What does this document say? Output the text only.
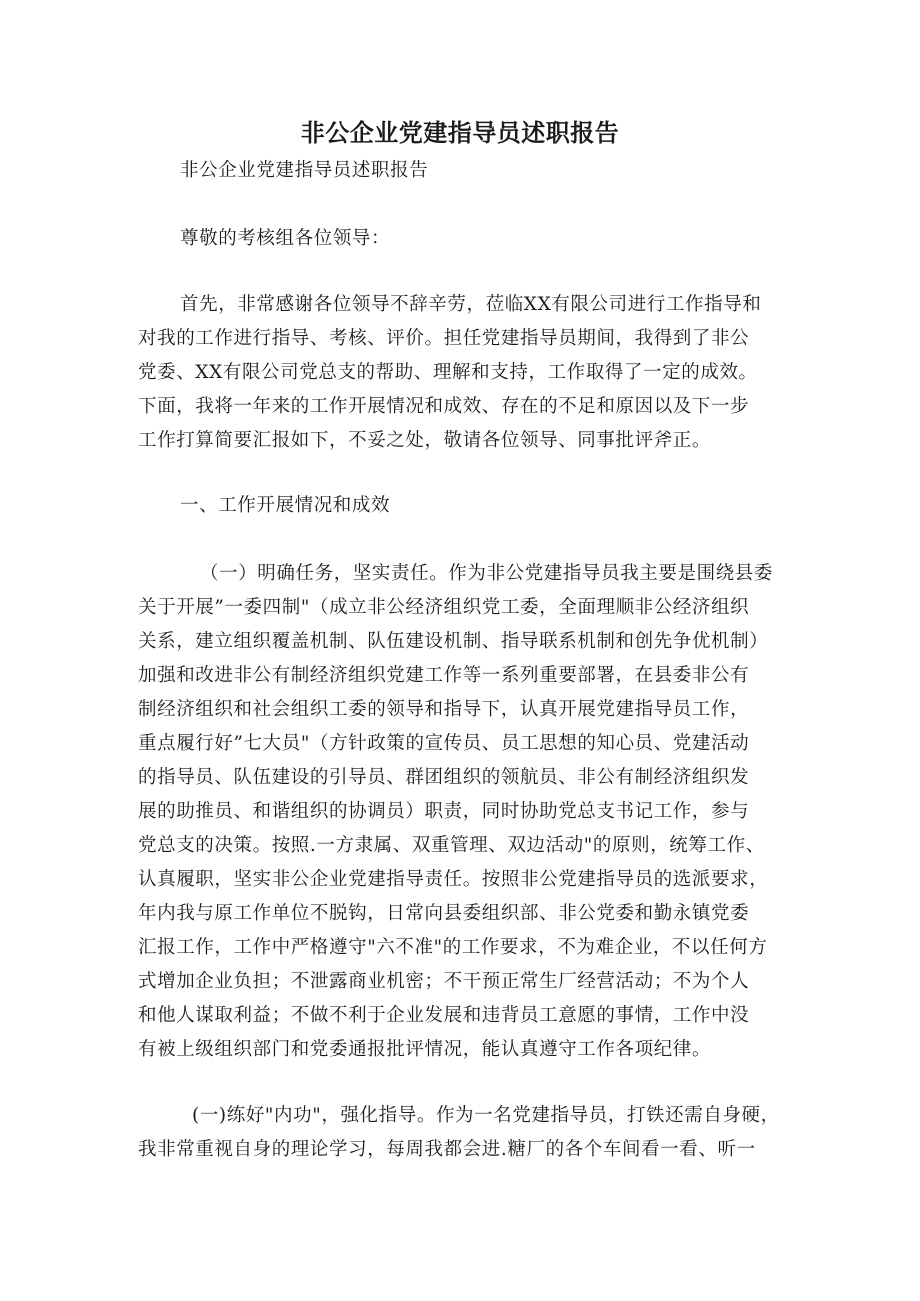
非公企业党建指导员述职报告

非公企业党建指导员述职报告

尊敬的考核组各位领导：

首先，非常感谢各位领导不辞辛劳，莅临XX有限公司进行工作指导和

对我的工作进行指导、考核、评价。担任党建指导员期间，我得到了非公

党委、XX有限公司党总支的帮助、理解和支持，工作取得了一定的成效。

下面，我将一年来的工作开展情况和成效、存在的不足和原因以及下一步

工作打算简要汇报如下，不妥之处，敬请各位领导、同事批评斧正。

一、工作开展情况和成效

（一）明确任务，坚实责任。作为非公党建指导员我主要是围绕县委

关于开展”一委四制"（成立非公经济组织党工委，全面理顺非公经济组织

关系，建立组织覆盖机制、队伍建设机制、指导联系机制和创先争优机制）

加强和改进非公有制经济组织党建工作等一系列重要部署，在县委非公有

制经济组织和社会组织工委的领导和指导下，认真开展党建指导员工作，

重点履行好”七大员"（方针政策的宣传员、员工思想的知心员、党建活动

的指导员、队伍建设的引导员、群团组织的领航员、非公有制经济组织发

展的助推员、和谐组织的协调员）职责，同时协助党总支书记工作，参与

党总支的决策。按照.一方隶属、双重管理、双边活动"的原则，统筹工作、

认真履职，坚实非公企业党建指导责任。按照非公党建指导员的选派要求，

年内我与原工作单位不脱钩，日常向县委组织部、非公党委和勤永镇党委

汇报工作，工作中严格遵守"六不准"的工作要求，不为难企业，不以任何方

式增加企业负担；不泄露商业机密；不干预正常生厂经营活动；不为个人

和他人谋取利益；不做不利于企业发展和违背员工意愿的事情，工作中没

有被上级组织部门和党委通报批评情况，能认真遵守工作各项纪律。

(一)练好"内功"，强化指导。作为一名党建指导员，打铁还需自身硬，

我非常重视自身的理论学习，每周我都会进.糖厂的各个车间看一看、听一
